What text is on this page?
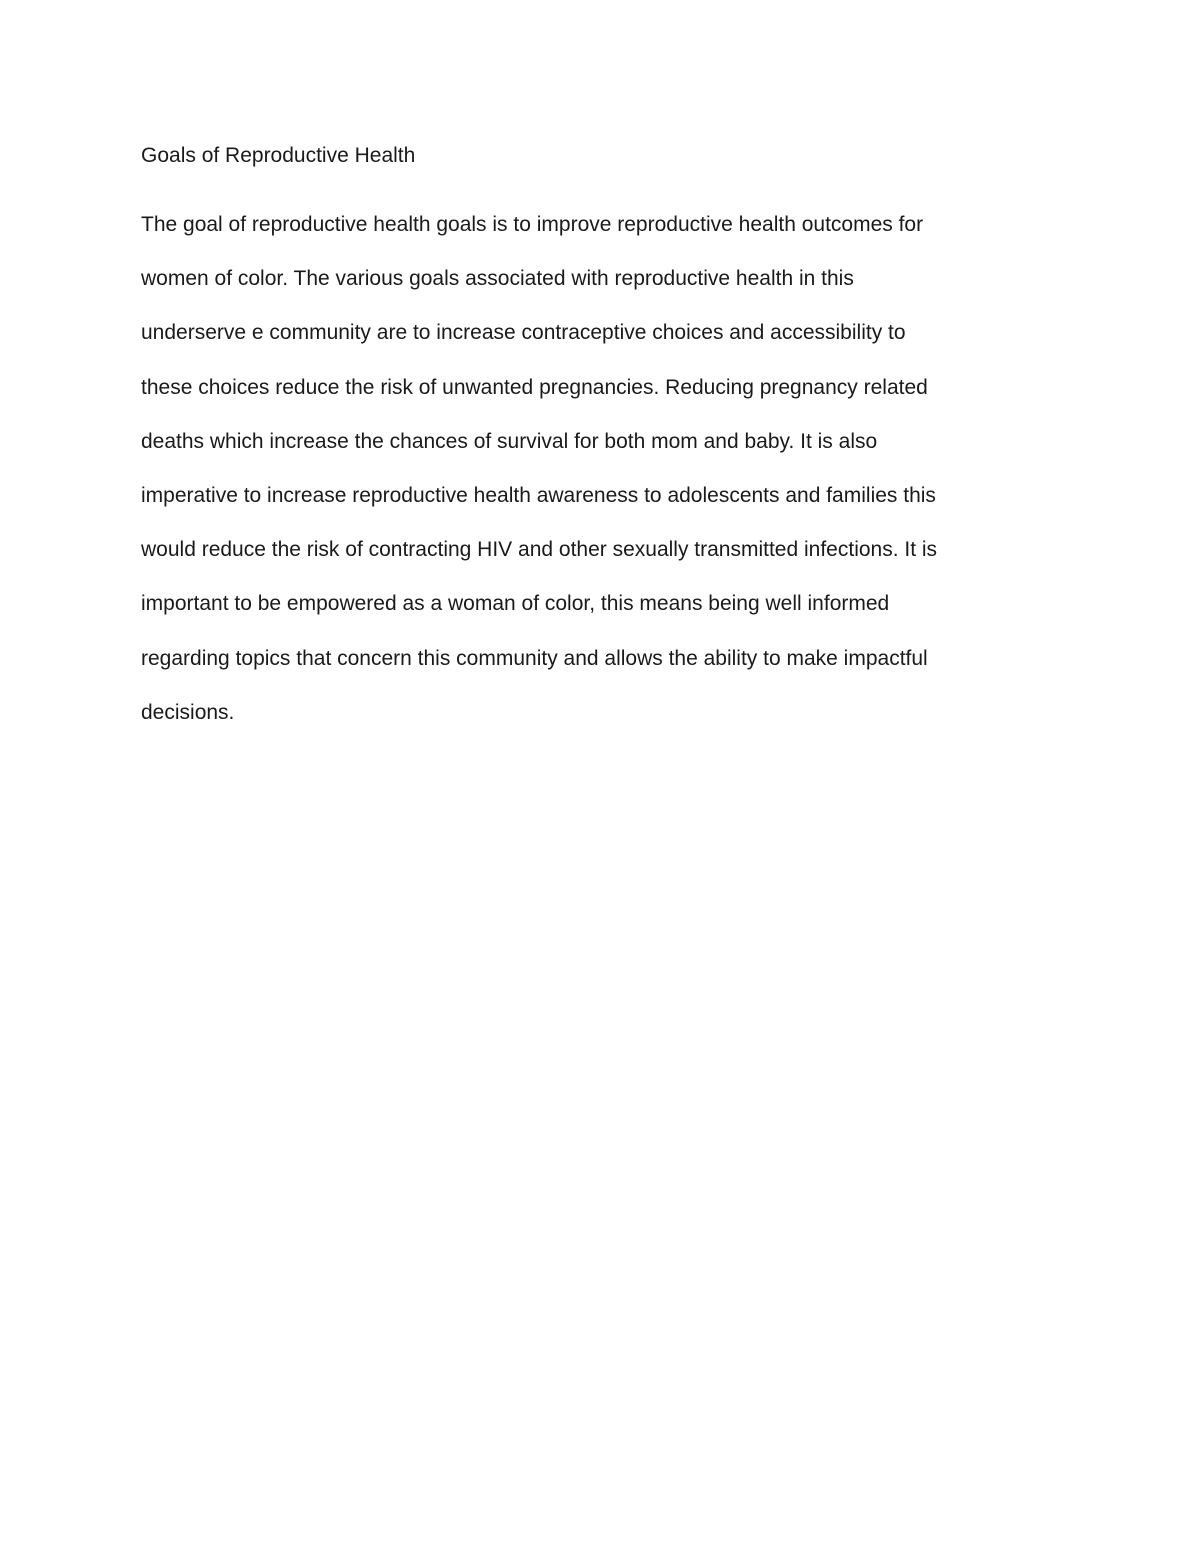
Goals of Reproductive Health
The goal of reproductive health goals is to improve reproductive health outcomes for
women of color. The various goals associated with reproductive health in this
underserve e community are to increase contraceptive choices and accessibility to
these choices reduce the risk of unwanted pregnancies. Reducing pregnancy related
deaths which increase the chances of survival for both mom and baby. It is also
imperative to increase reproductive health awareness to adolescents and families this
would reduce the risk of contracting HIV and other sexually transmitted infections. It is
important to be empowered as a woman of color, this means being well informed
regarding topics that concern this community and allows the ability to make impactful
decisions.
